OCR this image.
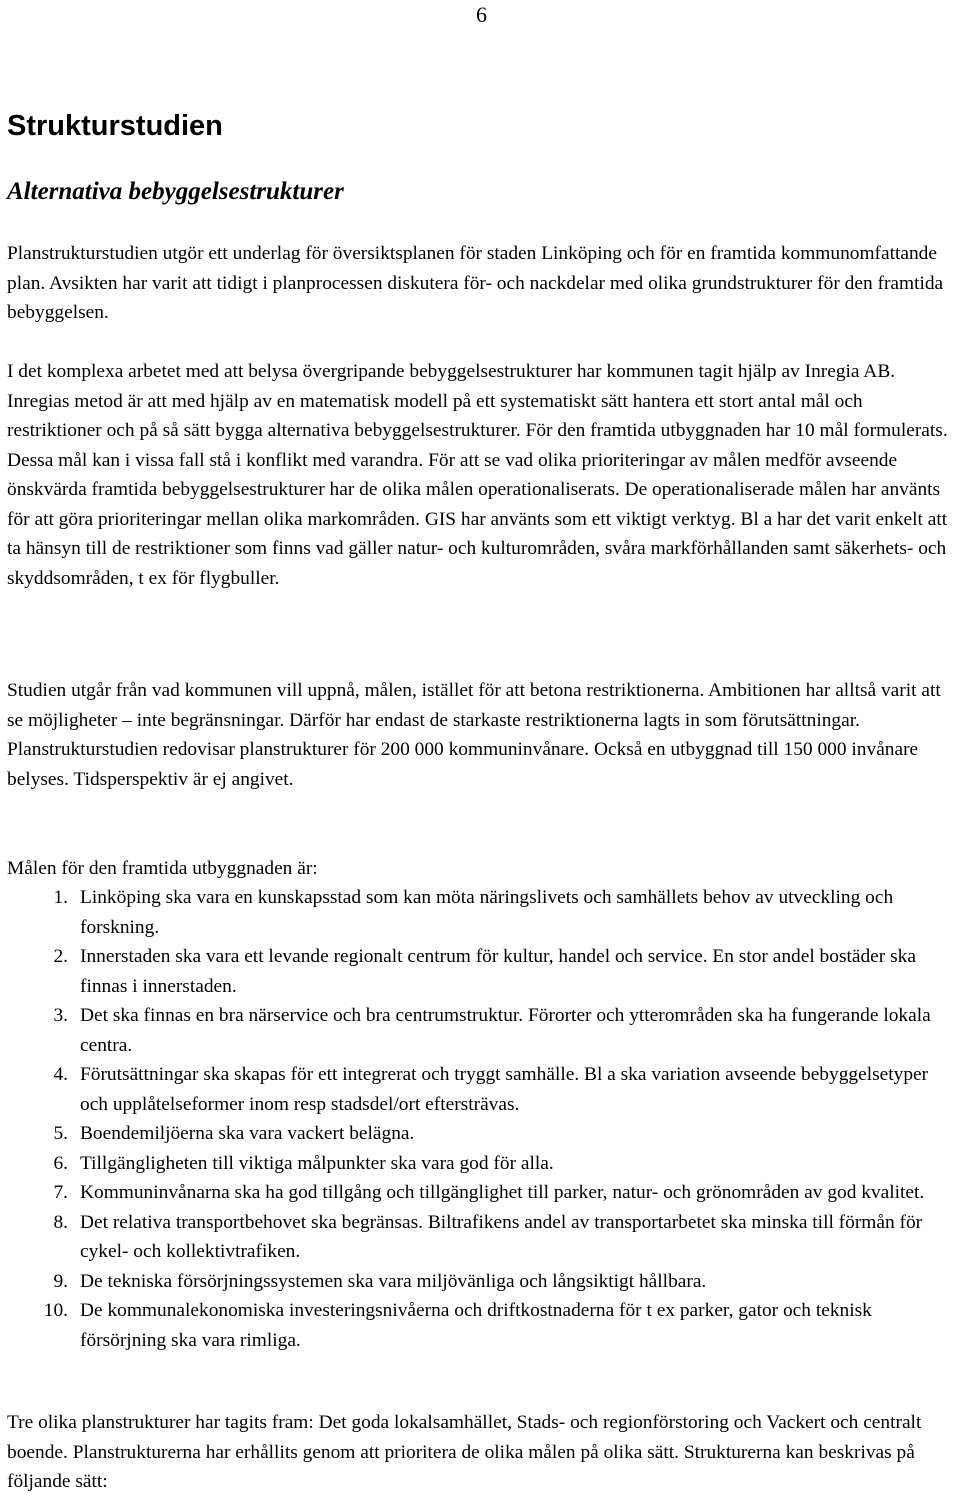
6
Strukturstudien
Alternativa bebyggelsestrukturer

Planstrukturstudien utgör ett underlag för översiktsplanen för staden Linköping och för en framtida kommunomfattande plan. Avsikten har varit att tidigt i planprocessen diskutera för- och nackdelar med olika grundstrukturer för den framtida bebyggelsen.

I det komplexa arbetet med att belysa övergripande bebyggelsestrukturer har kommunen tagit hjälp av Inregia AB. Inregias metod är att med hjälp av en matematisk modell på ett systematiskt sätt hantera ett stort antal mål och restriktioner och på så sätt bygga alternativa bebyggelsestrukturer. För den framtida utbyggnaden har 10 mål formulerats. Dessa mål kan i vissa fall stå i konflikt med varandra. För att se vad olika prioriteringar av målen medför avseende önskvärda framtida bebyggelsestrukturer har de olika målen operationaliserats. De operationaliserade målen har använts för att göra prioriteringar mellan olika markområden. GIS har använts som ett viktigt verktyg. Bl a har det varit enkelt att ta hänsyn till de restriktioner som finns vad gäller natur- och kulturområden, svåra markförhållanden samt säkerhets- och skyddsområden, t ex för flygbuller.

Studien utgår från vad kommunen vill uppnå, målen, istället för att betona restriktionerna. Ambitionen har alltså varit att se möjligheter – inte begränsningar. Därför har endast de starkaste restriktionerna lagts in som förutsättningar. Planstrukturstudien redovisar planstrukturer för 200 000 kommuninvånare. Också en utbyggnad till 150 000 invånare belyses. Tidsperspektiv är ej angivet.

Målen för den framtida utbyggnaden är:

1. Linköping ska vara en kunskapsstad som kan möta näringslivets och samhällets behov av utveckling och forskning.
2. Innerstaden ska vara ett levande regionalt centrum för kultur, handel och service. En stor andel bostäder ska finnas i innerstaden.
3. Det ska finnas en bra närservice och bra centrumstruktur. Förorter och ytterområden ska ha fungerande lokala centra.
4. Förutsättningar ska skapas för ett integrerat och tryggt samhälle. Bl a ska variation avseende bebyggelsetyper och upplåtelseformer inom resp stadsdel/ort eftersträvas.
5. Boendemiljöerna ska vara vackert belägna.
6. Tillgängligheten till viktiga målpunkter ska vara god för alla.
7. Kommuninvånarna ska ha god tillgång och tillgänglighet till parker, natur- och grönområden av god kvalitet.
8. Det relativa transportbehovet ska begränsas. Biltrafikens andel av transportarbetet ska minska till förmån för cykel- och kollektivtrafiken.
9. De tekniska försörjningssystemen ska vara miljövänliga och långsiktigt hållbara.
10. De kommunalekonomiska investeringsnivåerna och driftkostnaderna för t ex parker, gator och teknisk försörjning ska vara rimliga.

Tre olika planstrukturer har tagits fram: Det goda lokalsamhället, Stads- och regionförstoring och Vackert och centralt boende. Planstrukturerna har erhållits genom att prioritera de olika målen på olika sätt. Strukturerna kan beskrivas på följande sätt:
